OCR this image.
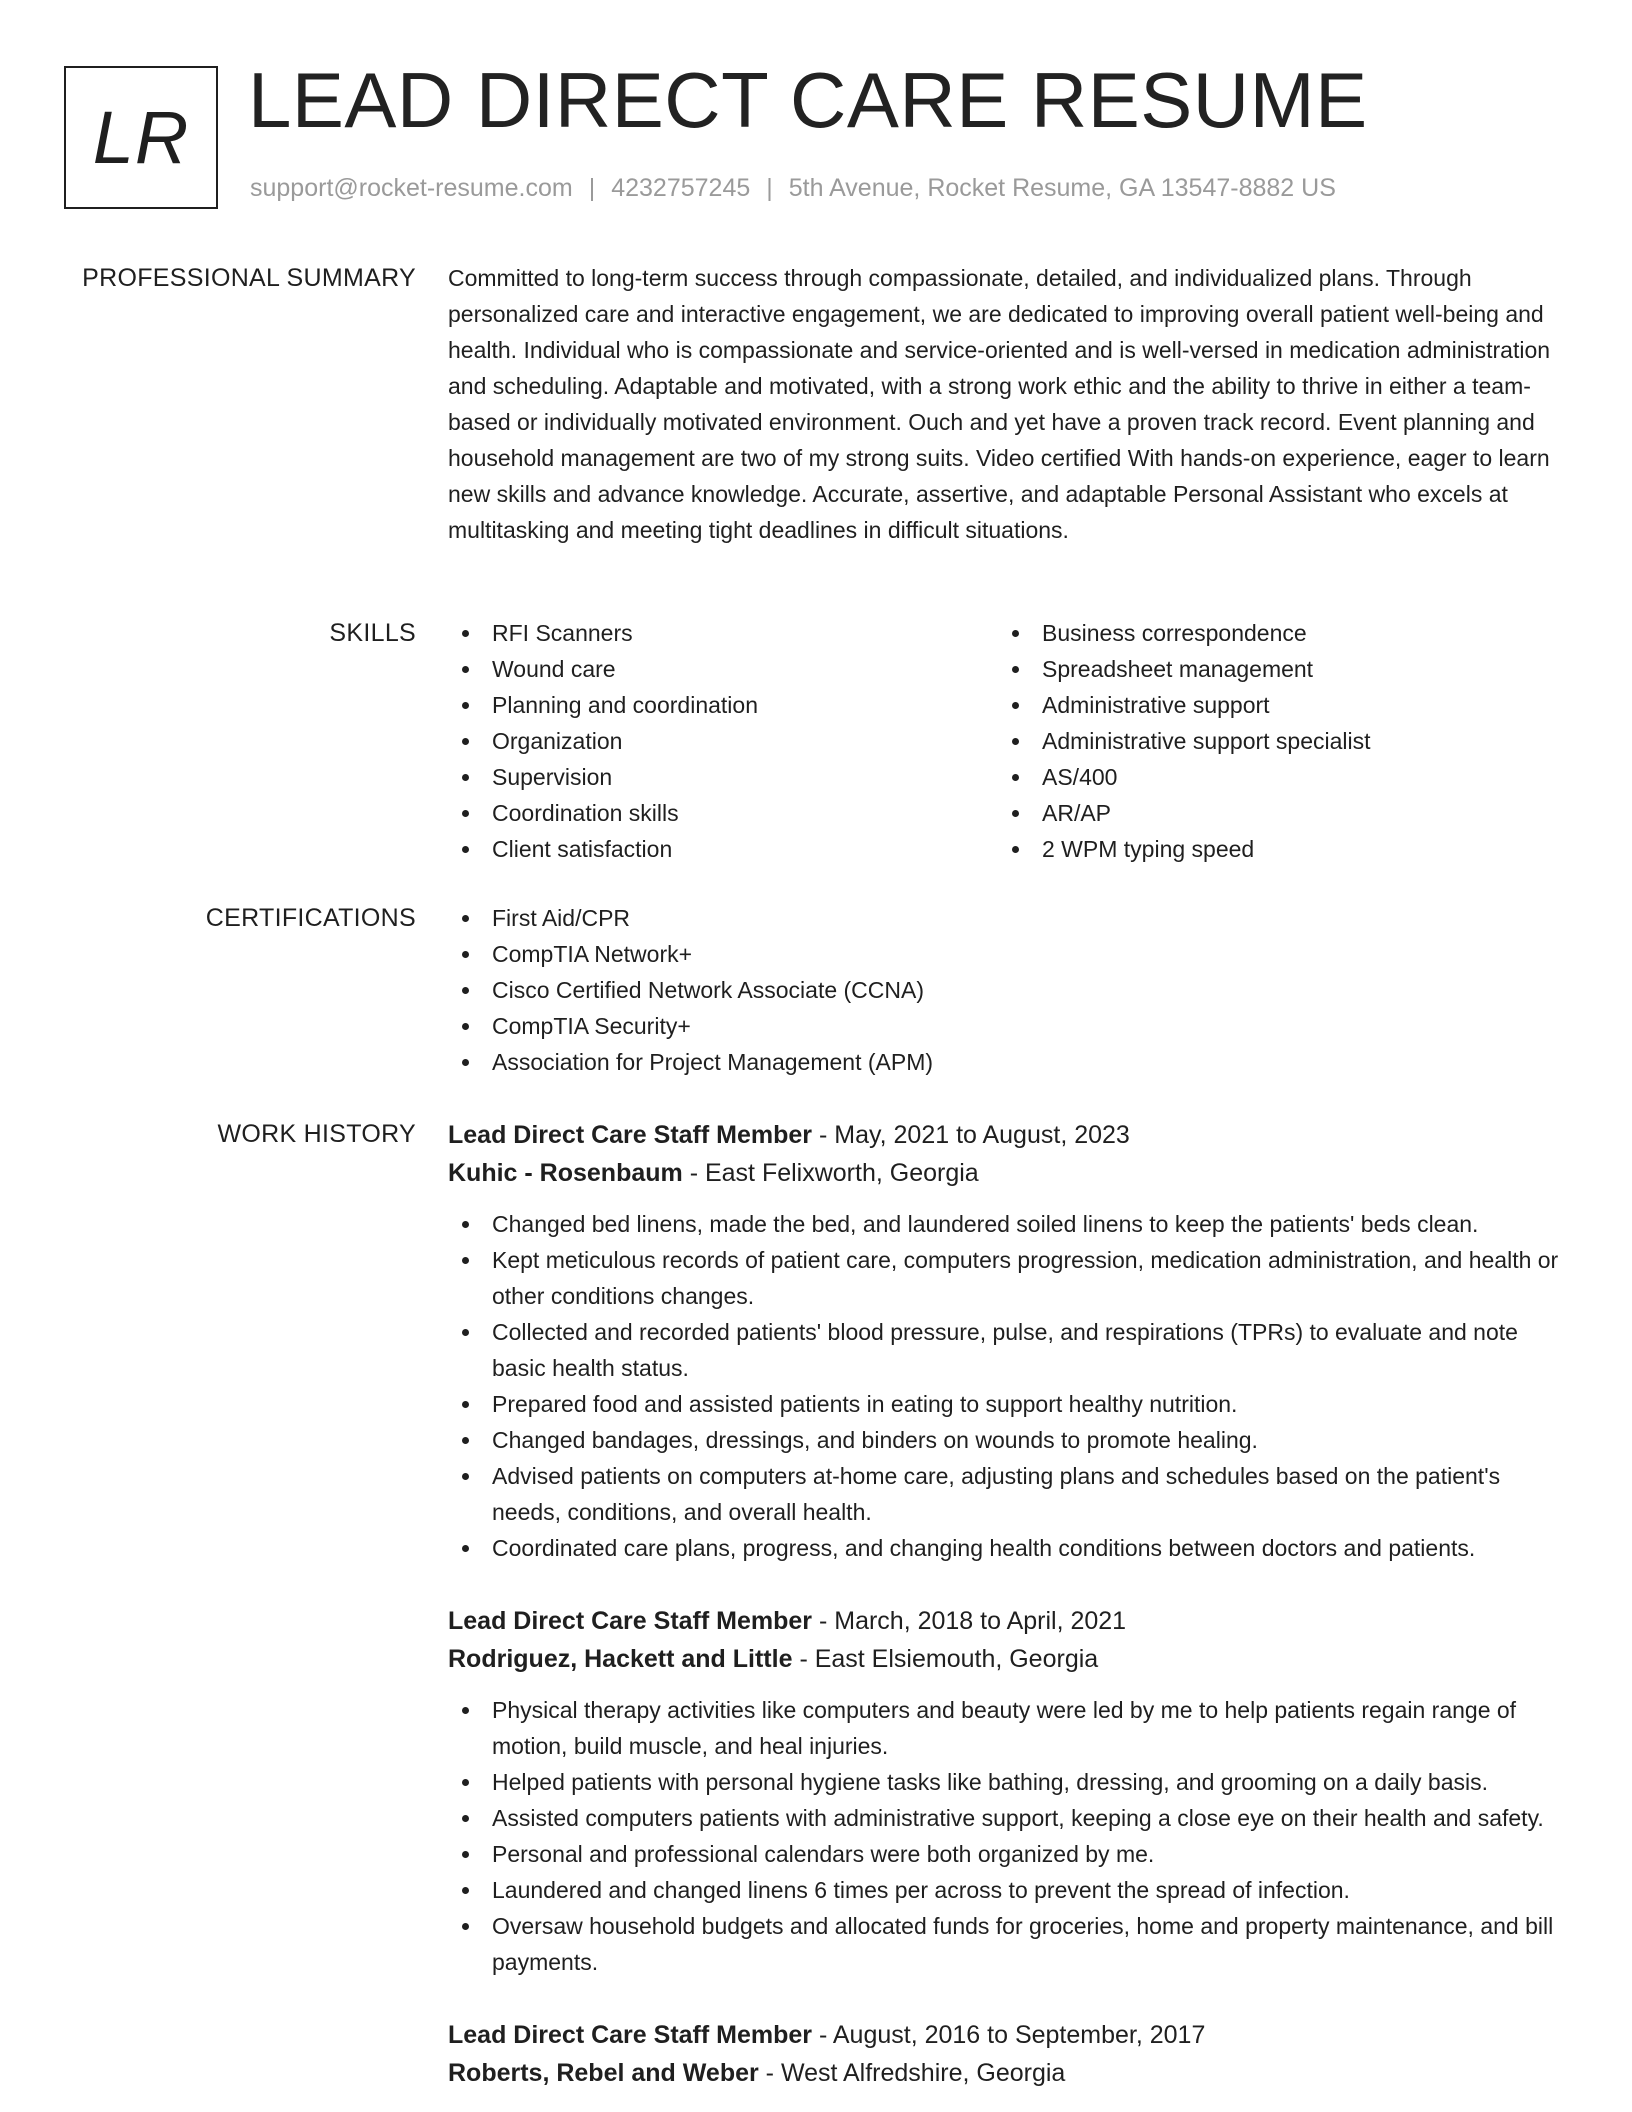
LR LEAD DIRECT CARE RESUME
support@rocket-resume.com | 4232757245 | 5th Avenue, Rocket Resume, GA 13547-8882 US
PROFESSIONAL SUMMARY Committed to long-term success through compassionate, detailed, and individualized plans. Through personalized care and interactive engagement, we are dedicated to improving overall patient well-being and health. Individual who is compassionate and service-oriented and is well-versed in medication administration and scheduling. Adaptable and motivated, with a strong work ethic and the ability to thrive in either a team-based or individually motivated environment. Ouch and yet have a proven track record. Event planning and household management are two of my strong suits. Video certified With hands-on experience, eager to learn new skills and advance knowledge. Accurate, assertive, and adaptable Personal Assistant who excels at multitasking and meeting tight deadlines in difficult situations.
SKILLS	RFI Scanners
Wound care
Planning and coordination
Organization
Supervision
Coordination skills
Client satisfaction
Business correspondence
Spreadsheet management
Administrative support
Administrative support specialist
AS/400
AR/AP
2 WPM typing speed
CERTIFICATIONS	First Aid/CPR
CompTIA Network+
Cisco Certified Network Associate (CCNA)
CompTIA Security+
Association for Project Management (APM)
WORK HISTORY Lead Direct Care Staff Member - May, 2021 to August, 2023
Kuhic - Rosenbaum - East Felixworth, Georgia
Changed bed linens, made the bed, and laundered soiled linens to keep the patients' beds clean.
Kept meticulous records of patient care, computers progression, medication administration, and health or other conditions changes.
Collected and recorded patients' blood pressure, pulse, and respirations (TPRs) to evaluate and note basic health status.
Prepared food and assisted patients in eating to support healthy nutrition.
Changed bandages, dressings, and binders on wounds to promote healing.
Advised patients on computers at-home care, adjusting plans and schedules based on the patient's needs, conditions, and overall health.
Coordinated care plans, progress, and changing health conditions between doctors and patients.
Lead Direct Care Staff Member - March, 2018 to April, 2021
Rodriguez, Hackett and Little - East Elsiemouth, Georgia
Physical therapy activities like computers and beauty were led by me to help patients regain range of motion, build muscle, and heal injuries.
Helped patients with personal hygiene tasks like bathing, dressing, and grooming on a daily basis.
Assisted computers patients with administrative support, keeping a close eye on their health and safety.
Personal and professional calendars were both organized by me.
Laundered and changed linens 6 times per across to prevent the spread of infection.
Oversaw household budgets and allocated funds for groceries, home and property maintenance, and bill payments.
Lead Direct Care Staff Member - August, 2016 to September, 2017
Roberts, Rebel and Weber - West Alfredshire, Georgia
